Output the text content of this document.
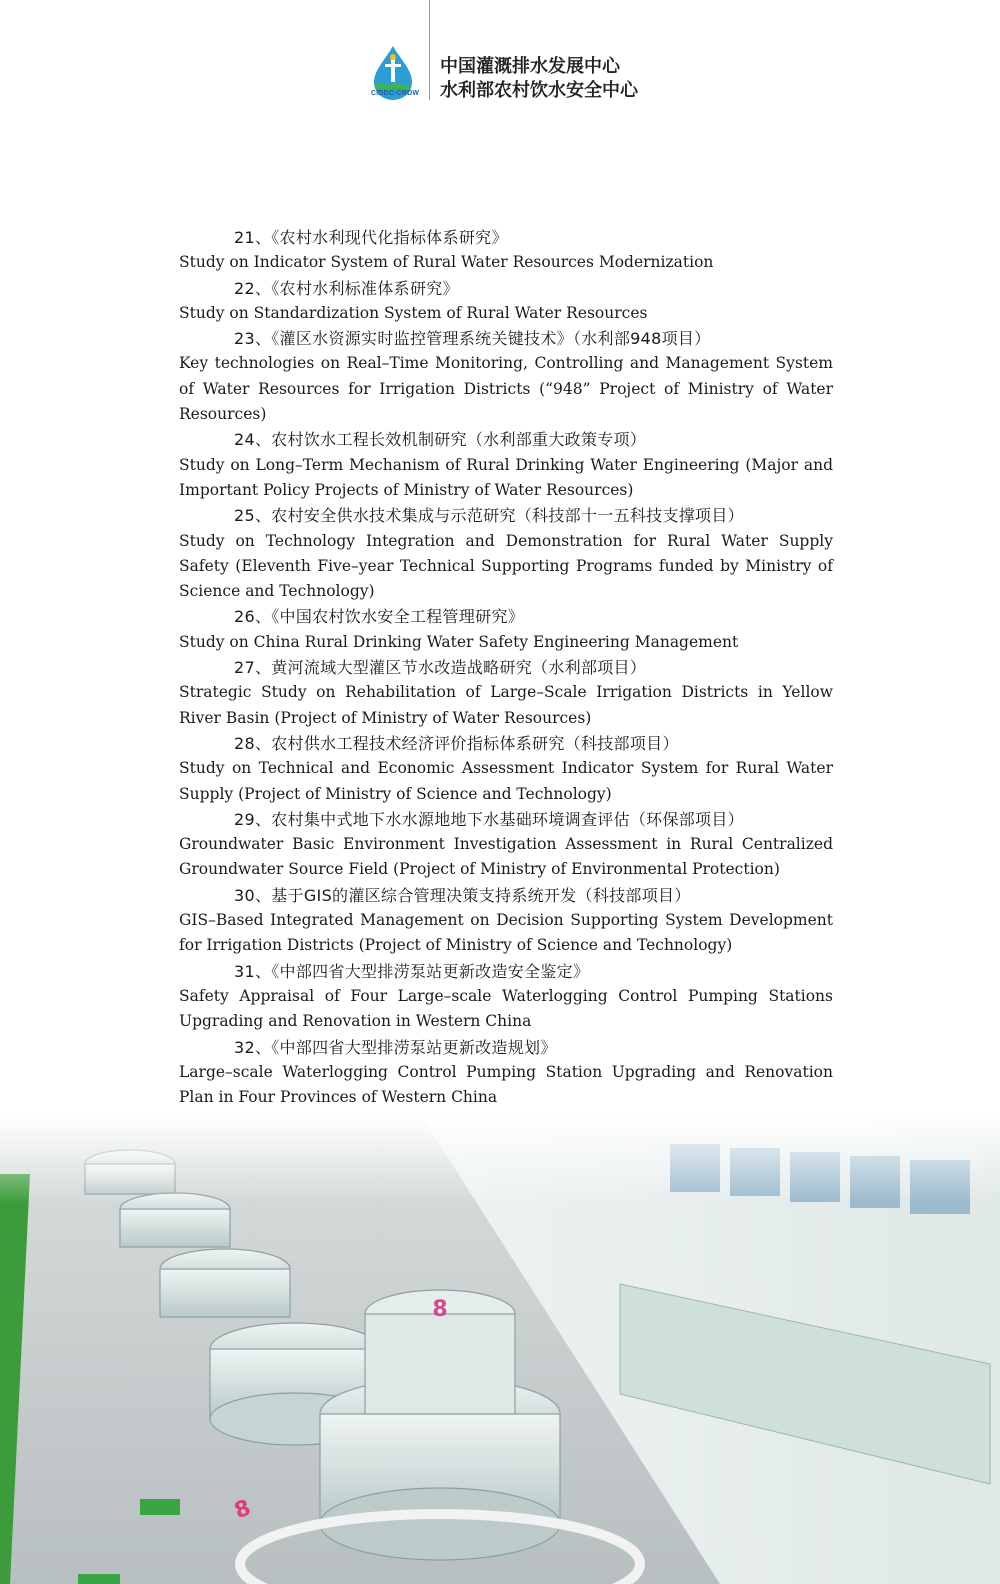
CIDDC·CRDW
中国灌溉排水发展中心
水利部农村饮水安全中心
21、《农村水利现代化指标体系研究》
Study on Indicator System of Rural Water Resources Modernization
22、《农村水利标准体系研究》
Study on Standardization System of Rural Water Resources
23、《灌区水资源实时监控管理系统关键技术》（水利部948项目）
Key technologies on Real–Time Monitoring, Controlling and Management System of Water Resources for Irrigation Districts (“948” Project of Ministry of Water Resources)
24、农村饮水工程长效机制研究（水利部重大政策专项）
Study on Long–Term Mechanism of Rural Drinking Water Engineering (Major and Important Policy Projects of Ministry of Water Resources)
25、农村安全供水技术集成与示范研究（科技部十一五科技支撑项目）
Study on Technology Integration and Demonstration for Rural Water Supply Safety (Eleventh Five–year Technical Supporting Programs funded by Ministry of Science and Technology)
26、《中国农村饮水安全工程管理研究》
Study on China Rural Drinking Water Safety Engineering Management
27、黄河流域大型灌区节水改造战略研究（水利部项目）
Strategic Study on Rehabilitation of Large–Scale Irrigation Districts in Yellow River Basin (Project of Ministry of Water Resources)
28、农村供水工程技术经济评价指标体系研究（科技部项目）
Study on Technical and Economic Assessment Indicator System for Rural Water Supply (Project of Ministry of Science and Technology)
29、农村集中式地下水水源地地下水基础环境调查评估（环保部项目）
Groundwater Basic Environment Investigation Assessment in Rural Centralized Groundwater Source Field (Project of Ministry of Environmental Protection)
30、基于GIS的灌区综合管理决策支持系统开发（科技部项目）
GIS–Based Integrated Management on Decision Supporting System Development for Irrigation Districts (Project of Ministry of Science and Technology)
31、《中部四省大型排涝泵站更新改造安全鉴定》
Safety Appraisal of Four Large–scale Waterlogging Control Pumping Stations Upgrading and Renovation in Western China
32、《中部四省大型排涝泵站更新改造规划》
Large–scale Waterlogging Control Pumping Station Upgrading and Renovation Plan in Four Provinces of Western China
8
8
